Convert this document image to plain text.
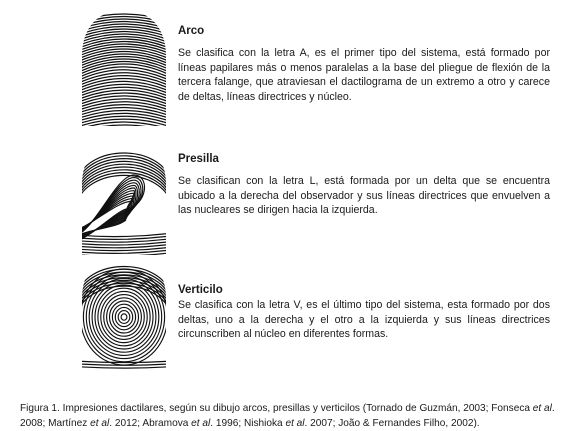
Arco

Se clasifica con la letra A, es el primer tipo del sistema, está formado por líneas papilares más o menos paralelas a la base del pliegue de flexión de la tercera falange, que atraviesan el dactilograma de un extremo a otro y carece de deltas, líneas directrices y núcleo.

Presilla

Se clasifican con la letra L, está formada por un delta que se encuentra ubicado a la derecha del observador y sus líneas directrices que envuelven a las nucleares se dirigen hacia la izquierda.

Verticilo

Se clasifica con la letra V, es el último tipo del sistema, esta formado por dos deltas, uno a la derecha y el otro a la izquierda y sus líneas directrices circunscriben al núcleo en diferentes formas.

Figura 1. Impresiones dactilares, según su dibujo arcos, presillas y verticilos (Tornado de Guzmán, 2003; Fonseca et al. 2008; Martínez et al. 2012; Abramova et al. 1996; Nishioka et al. 2007; João & Fernandes Filho, 2002).
